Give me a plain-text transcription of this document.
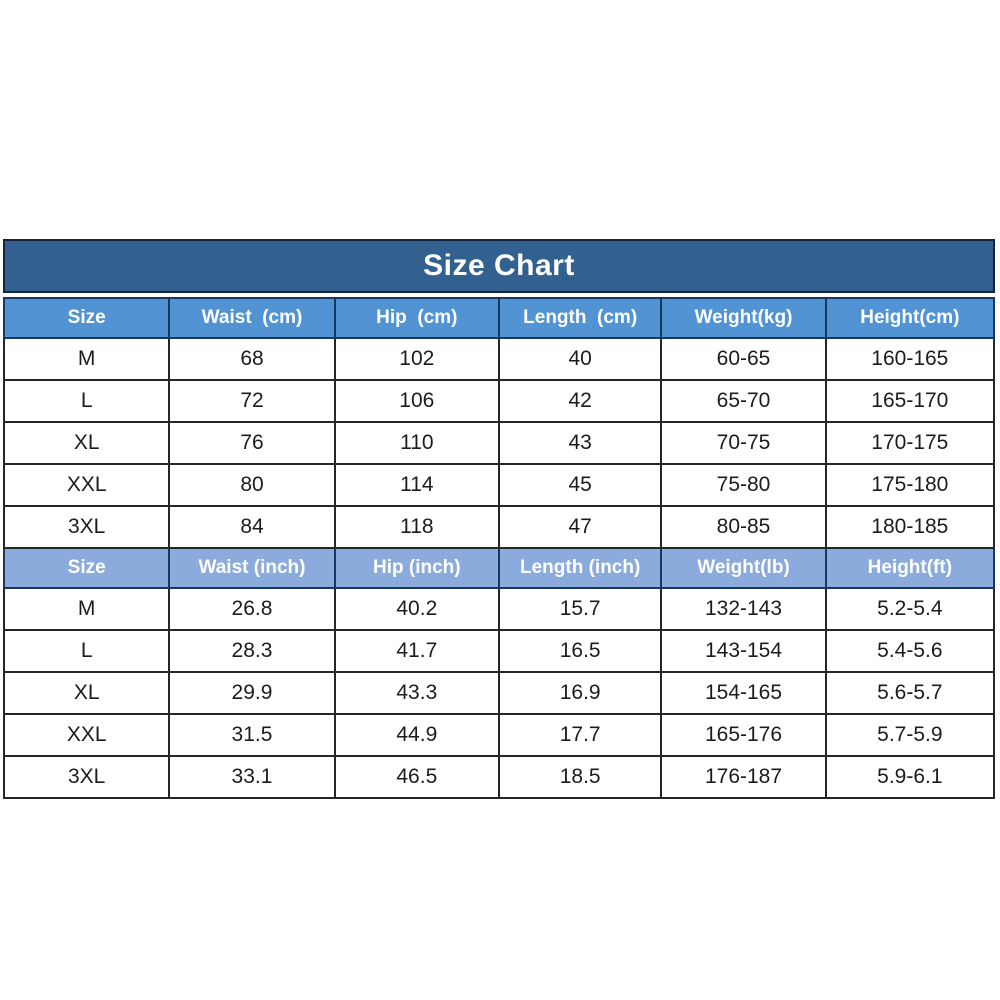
Size Chart
Size	Waist  (cm)	Hip  (cm)	Length  (cm)	Weight(kg)	Height(cm)
M	68	102	40	60-65	160-165
L	72	106	42	65-70	165-170
XL	76	110	43	70-75	170-175
XXL	80	114	45	75-80	175-180
3XL	84	118	47	80-85	180-185
Size	Waist (inch)	Hip (inch)	Length (inch)	Weight(lb)	Height(ft)
M	26.8	40.2	15.7	132-143	5.2-5.4
L	28.3	41.7	16.5	143-154	5.4-5.6
XL	29.9	43.3	16.9	154-165	5.6-5.7
XXL	31.5	44.9	17.7	165-176	5.7-5.9
3XL	33.1	46.5	18.5	176-187	5.9-6.1
